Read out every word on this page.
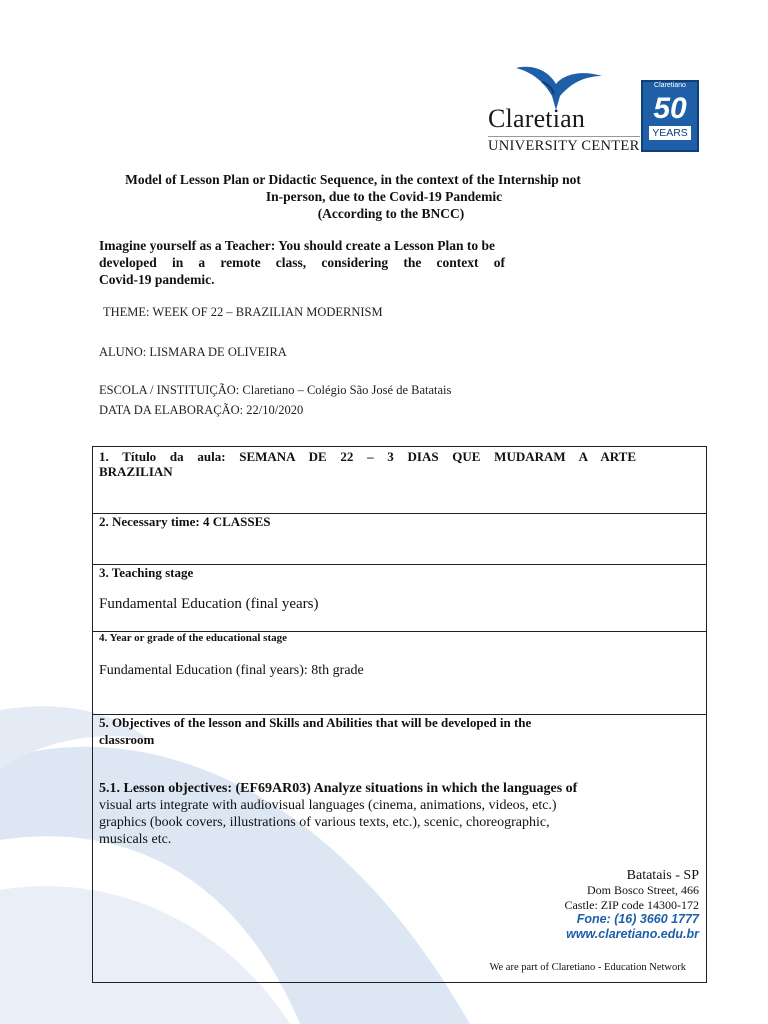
Claretian
UNIVERSITY CENTER
Claretiano
50
YEARS
Model of Lesson Plan or Didactic Sequence, in the context of the Internship not
In-person, due to the Covid-19 Pandemic
(According to the BNCC)
Imagine yourself as a Teacher: You should create a Lesson Plan to be
developed in a remote class, considering the context of
Covid-19 pandemic.
THEME: WEEK OF 22 – BRAZILIAN MODERNISM
ALUNO: LISMARA DE OLIVEIRA
ESCOLA / INSTITUIÇÃO: Claretiano – Colégio São José de Batatais
DATA DA ELABORAÇÃO: 22/10/2020
1. Título da aula: SEMANA DE 22 – 3 DIAS QUE MUDARAM A ARTE
BRAZILIAN
2. Necessary time: 4 CLASSES
3. Teaching stage
Fundamental Education (final years)
4. Year or grade of the educational stage
Fundamental Education (final years): 8th grade
5. Objectives of the lesson and Skills and Abilities that will be developed in the
classroom
5.1. Lesson objectives: (EF69AR03) Analyze situations in which the languages of
visual arts integrate with audiovisual languages (cinema, animations, videos, etc.)
graphics (book covers, illustrations of various texts, etc.), scenic, choreographic,
musicals etc.
Batatais - SP
Dom Bosco Street, 466
Castle: ZIP code 14300-172
Fone: (16) 3660 1777
www.claretiano.edu.br
We are part of Claretiano - Education Network
